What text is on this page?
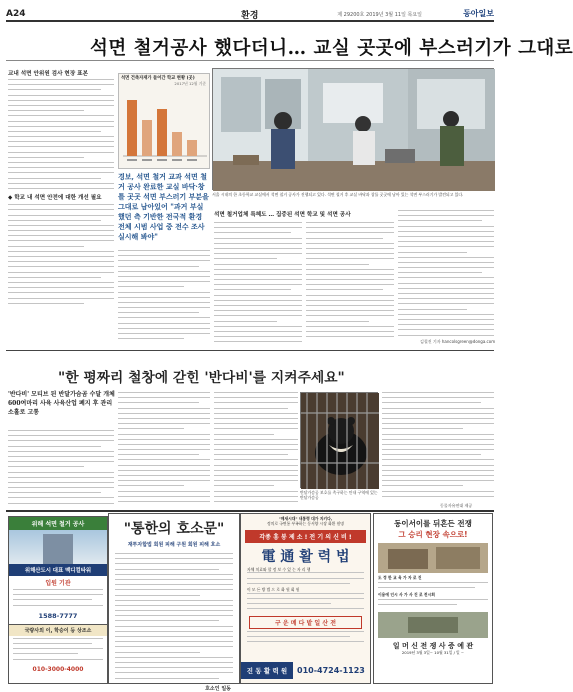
A24	환경	제 29200호 2019년 3월 11일 목요일	동아일보
석면 철거공사 했다더니… 교실 곳곳에 부스러기가 그대로
교내 석면 안위원 검사 현장 표본
◆ 학교 내 석면 안전에 대한 개선 필요
석면 건축자재가 들어간 학교 현황 (곳)
2017년 12월 기준
서울 시내의 한 초등학교 교실에서 석면 철거 공사가 진행되고 있다. 석면 철거 후 교실 바닥과 창틀 곳곳에 남아 있는 석면 부스러기가 발견되고 있다.
경보, 석면 철거 교과 석면 철거 공사 완료한 교실 바닥·창틀 곳곳 석면 부스러기 부분을 그대로 남아있어 "과거 부실했던 측 기반한 전국적 환경 전체 시범 사업 중 전수 조사 실시해 봐야"
석면 철거업체 특혜도 … 집중된 석면 학교 및 석면 공사
김철진 기자 hancolsgreen@donga.com
"한 평짜리 철창에 갇힌 '반다비'를 지켜주세요"
'반다비' 모티브 된 반달가슴곰 수달 개체 600여마리 사육 사육산업 폐지 후 관리 소홀로 고통
반달가슴곰 보호를 촉구하는 안내 구역에 있는 반달가슴곰
동물자유연대 제공
위해 석면 철거 공사
위해산도시 대표 맥디컬타워
입원 기관
1588-7777
국량사외 이, 학승이 등 상조소
010-3000-4000
"통한의 호소문"
재투자합법 회원 피해 구원 회원 피해 호소
호소인 일동
"매새시대" 내통령 대가 지키다,
정의로 국면통 부족하는 동서양 시장 화환 원명
각종 흥 봉 제 소 ! 전 기 의 신 비 !
電 通 활 력 법
자체 치료와 할 정 보 수 있 는 자 리 행
이 모 든 방 법 으 로 화 원 회 원
구 운 메 다 밭 일 산 전
진 동 활 력 원	010-4724-1123
동이서이를 뒤흔든 전쟁
그 승리 현장 속으로!
도 정 한 교 육 가 자 로 진
이용에 인시 사 가 사 진 로 전시회
일 머 신 전 쟁 사 증 예 관
2019년 3월 3일~ 10월 31일 / 일 ~
